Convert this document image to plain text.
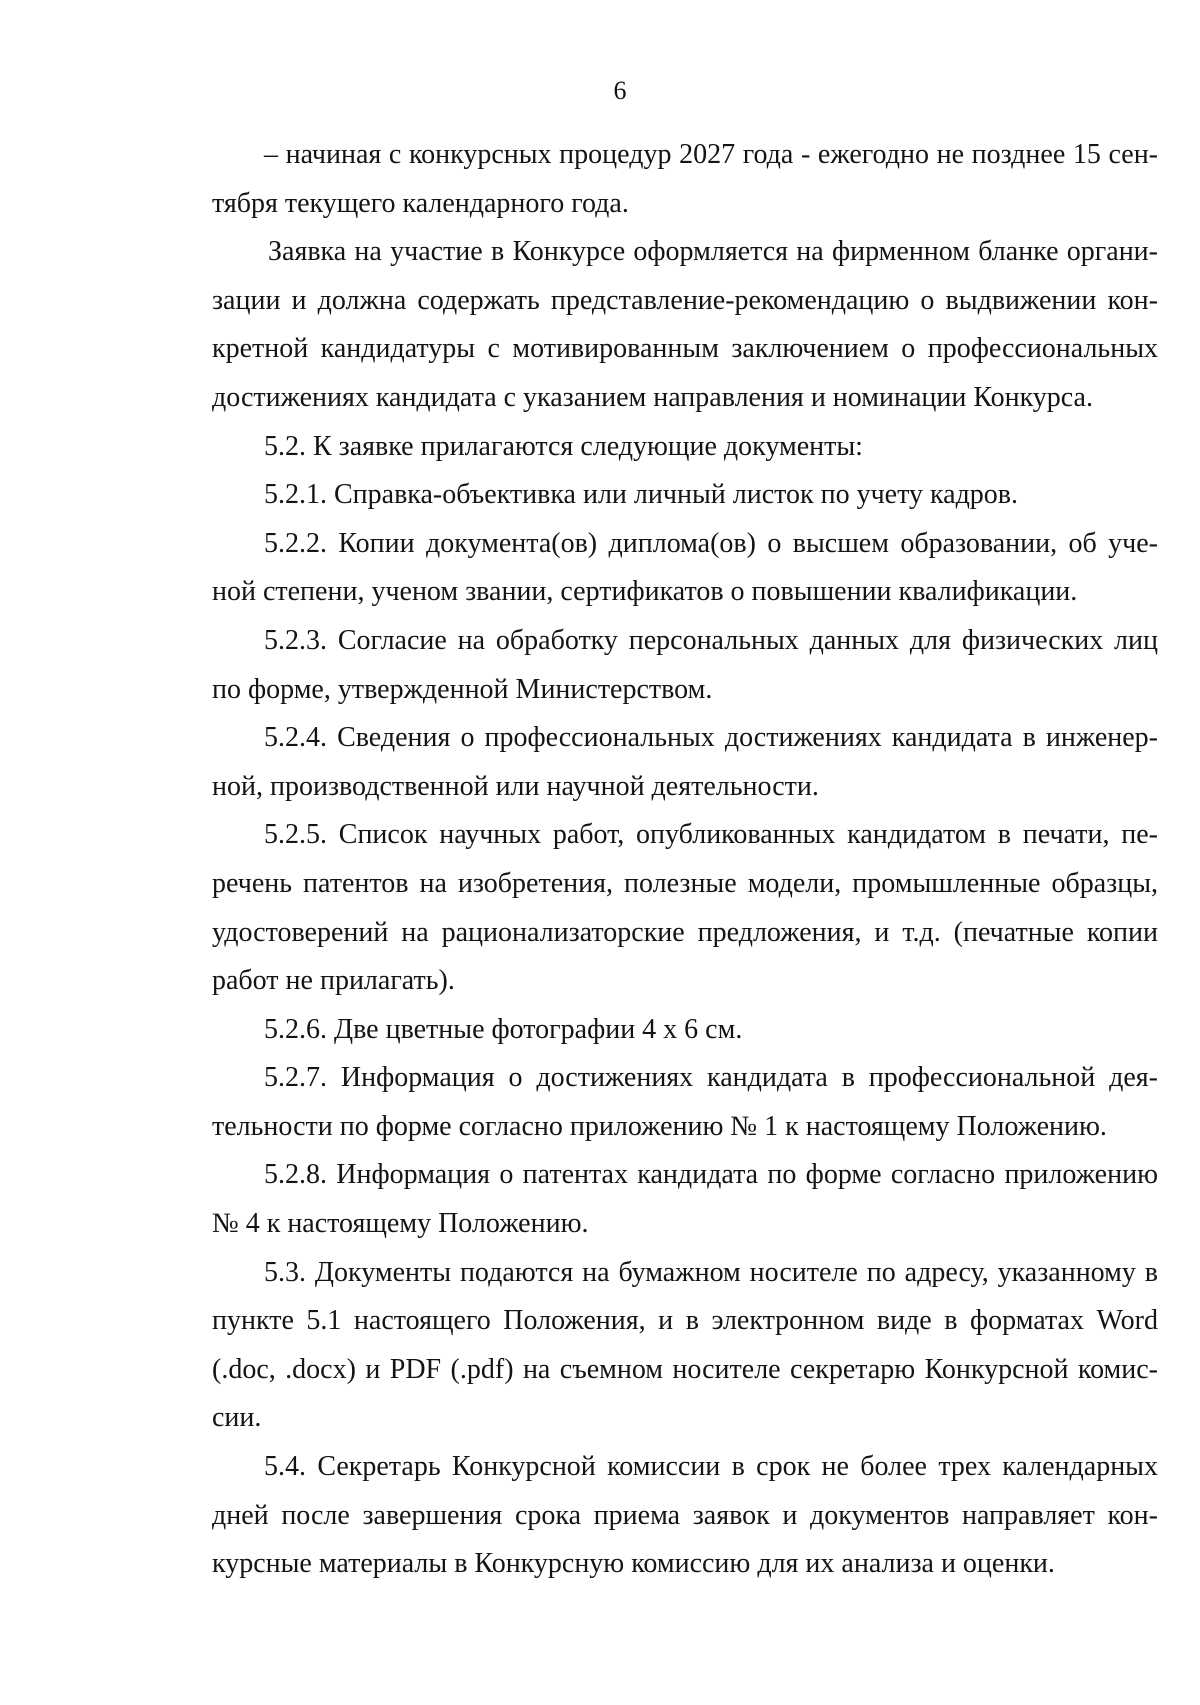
6
– начиная с конкурсных процедур 2027 года - ежегодно не позднее 15 сен-
тября текущего календарного года.
Заявка на участие в Конкурсе оформляется на фирменном бланке органи-
зации и должна содержать представление-рекомендацию о выдвижении кон-
кретной кандидатуры с мотивированным заключением о профессиональных
достижениях кандидата с указанием направления и номинации Конкурса.
5.2. К заявке прилагаются следующие документы:
5.2.1. Справка-объективка или личный листок по учету кадров.
5.2.2. Копии документа(ов) диплома(ов) о высшем образовании, об уче-
ной степени, ученом звании, сертификатов о повышении квалификации.
5.2.3. Согласие на обработку персональных данных для физических лиц
по форме, утвержденной Министерством.
5.2.4. Сведения о профессиональных достижениях кандидата в инженер-
ной, производственной или научной деятельности.
5.2.5. Список научных работ, опубликованных кандидатом в печати, пе-
речень патентов на изобретения, полезные модели, промышленные образцы,
удостоверений на рационализаторские предложения, и т.д. (печатные копии
работ не прилагать).
5.2.6. Две цветные фотографии 4 х 6 см.
5.2.7. Информация о достижениях кандидата в профессиональной дея-
тельности по форме согласно приложению № 1 к настоящему Положению.
5.2.8. Информация о патентах кандидата по форме согласно приложению
№ 4 к настоящему Положению.
5.3. Документы подаются на бумажном носителе по адресу, указанному в
пункте 5.1 настоящего Положения, и в электронном виде в форматах Word
(.doc, .docx) и PDF (.pdf) на съемном носителе секретарю Конкурсной комис-
сии.
5.4. Секретарь Конкурсной комиссии в срок не более трех календарных
дней после завершения срока приема заявок и документов направляет кон-
курсные материалы в Конкурсную комиссию для их анализа и оценки.
